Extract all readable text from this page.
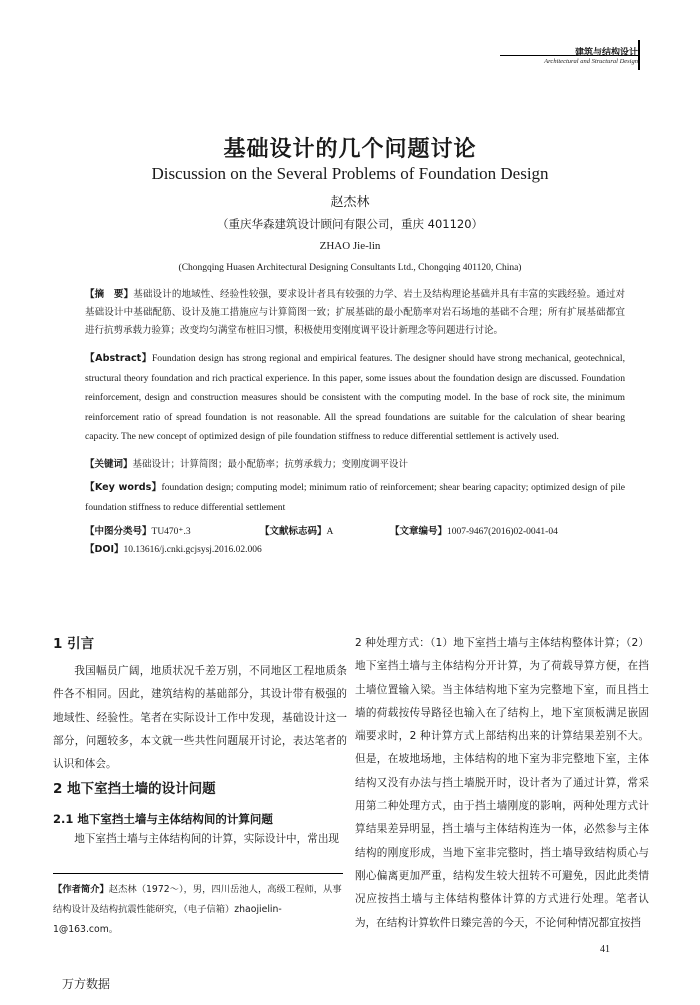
建筑与结构设计
Architectural and Structural Design
基础设计的几个问题讨论
Discussion on the Several Problems of Foundation Design
赵杰林
（重庆华森建筑设计顾问有限公司，重庆 401120）
ZHAO Jie-lin
(Chongqing Huasen Architectural Designing Consultants Ltd., Chongqing 401120, China)
【摘　要】基础设计的地域性、经验性较强，要求设计者具有较强的力学、岩土及结构理论基础并具有丰富的实践经验。通过对基础设计中基础配筋、设计及施工措施应与计算简图一致；扩展基础的最小配筋率对岩石场地的基础不合理；所有扩展基础都宜进行抗剪承载力验算；改变均匀满堂布桩旧习惯，积极使用变刚度调平设计新理念等问题进行讨论。
【Abstract】Foundation design has strong regional and empirical features. The designer should have strong mechanical, geotechnical, structural theory foundation and rich practical experience. In this paper, some issues about the foundation design are discussed. Foundation reinforcement, design and construction measures should be consistent with the computing model. In the base of rock site, the minimum reinforcement ratio of spread foundation is not reasonable. All the spread foundations are suitable for the calculation of shear bearing capacity. The new concept of optimized design of pile foundation stiffness to reduce differential settlement is actively used.
【关键词】基础设计；计算简图；最小配筋率；抗剪承载力；变刚度调平设计
【Key words】foundation design; computing model; minimum ratio of reinforcement; shear bearing capacity; optimized design of pile foundation stiffness to reduce differential settlement
【中图分类号】TU470⁺.3	【文献标志码】A	【文章编号】1007-9467(2016)02-0041-04
【DOI】10.13616/j.cnki.gcjsysj.2016.02.006
1 引言

我国幅员广阔，地质状况千差万别，不同地区工程地质条件各不相同。因此，建筑结构的基础部分，其设计带有极强的地域性、经验性。笔者在实际设计工作中发现，基础设计这一部分，问题较多，本文就一些共性问题展开讨论，表达笔者的认识和体会。

2 地下室挡土墙的设计问题
2.1 地下室挡土墙与主体结构间的计算问题

地下室挡土墙与主体结构间的计算，实际设计中，常出现

【作者简介】赵杰林（1972～），男，四川岳池人，高级工程师，从事结构设计及结构抗震性能研究，（电子信箱）zhaojielin-1@163.com。

2 种处理方式：（1）地下室挡土墙与主体结构整体计算；（2）地下室挡土墙与主体结构分开计算，为了荷载导算方便，在挡土墙位置输入梁。当主体结构地下室为完整地下室，而且挡土墙的荷载按传导路径也输入在了结构上，地下室顶板满足嵌固端要求时，2 种计算方式上部结构出来的计算结果差别不大。但是，在坡地场地，主体结构的地下室为非完整地下室，主体结构又没有办法与挡土墙脱开时，设计者为了通过计算，常采用第二种处理方式，由于挡土墙刚度的影响，两种处理方式计算结果差异明显，挡土墙与主体结构连为一体，必然参与主体结构的刚度形成，当地下室非完整时，挡土墙导致结构质心与刚心偏离更加严重，结构发生较大扭转不可避免，因此此类情况应按挡土墙与主体结构整体计算的方式进行处理。笔者认为，在结构计算软件日臻完善的今天，不论何种情况都宜按挡

41
万方数据
